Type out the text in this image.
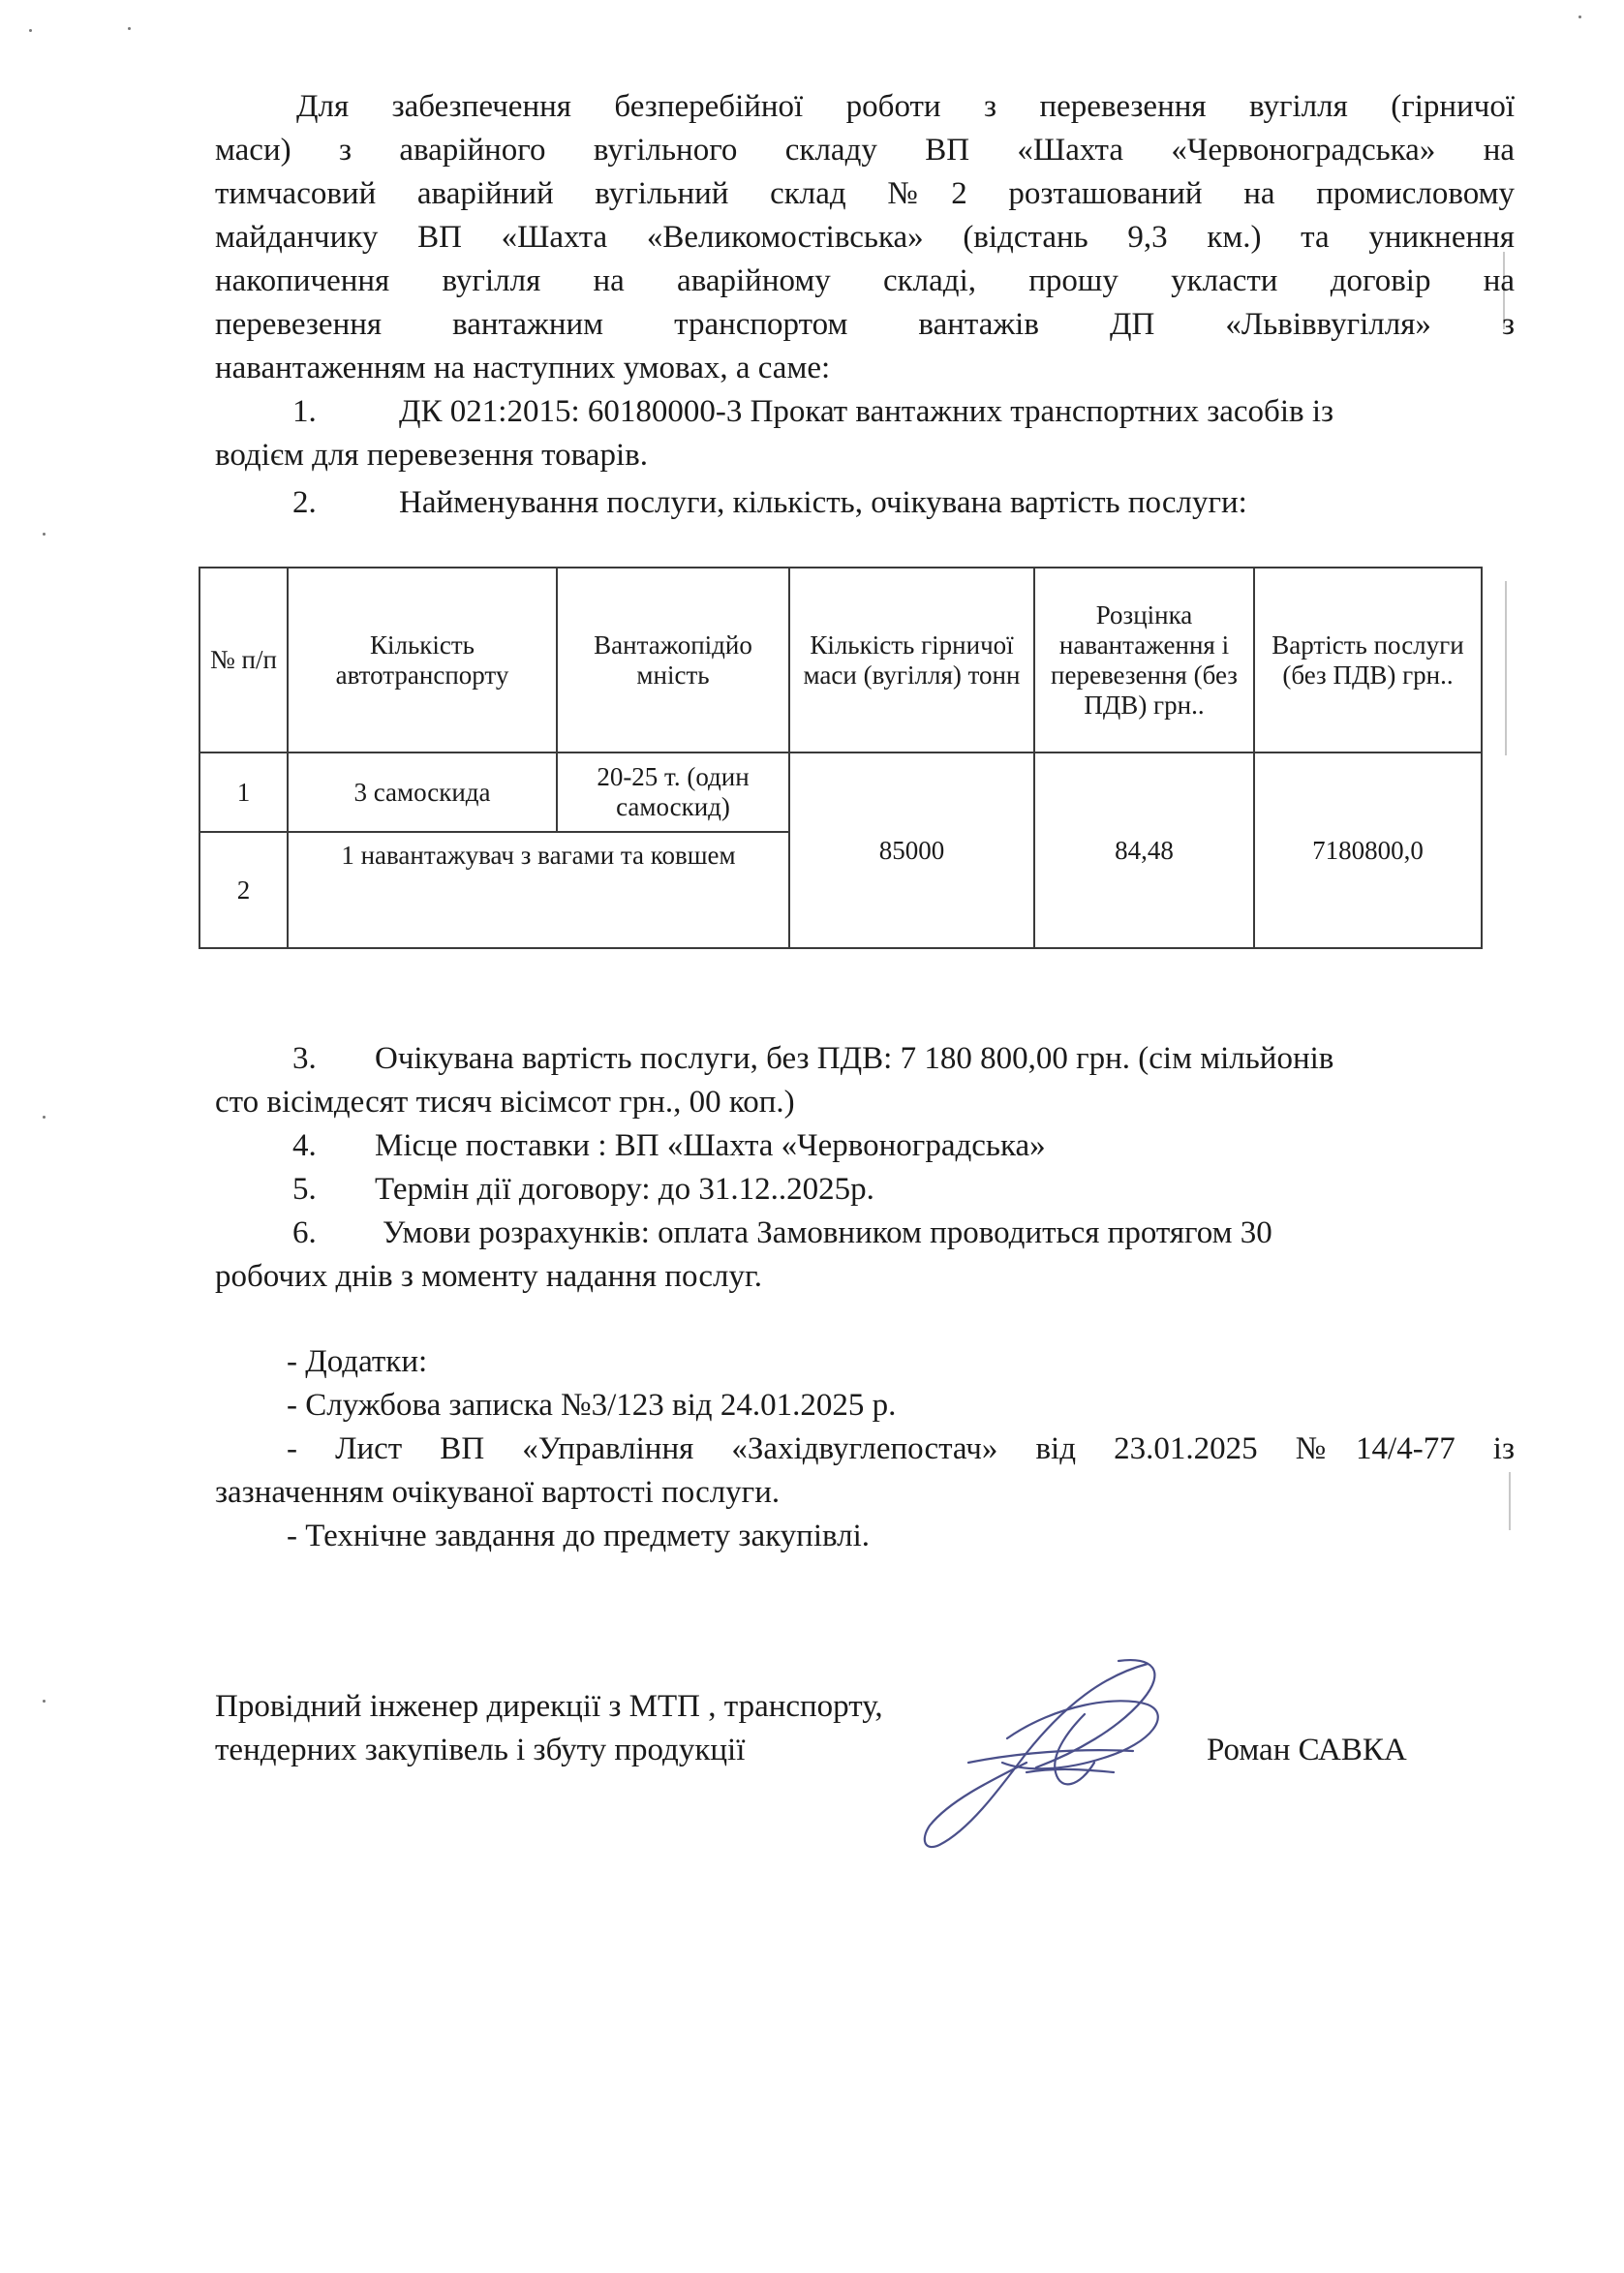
Для забезпечення безперебійної роботи з перевезення вугілля (гірничої
маси) з аварійного вугільного складу ВП «Шахта «Червоноградська» на
тимчасовий аварійний вугільний склад №2 розташований на промисловому
майданчику ВП «Шахта «Великомостівська» (відстань 9,3 км.) та уникнення
накопичення вугілля на аварійному складі, прошу укласти договір на
перевезення вантажним транспортом вантажів ДП «Львіввугілля» з
навантаженням на наступних умовах, а саме:

1.	ДК 021:2015: 60180000-3 Прокат вантажних транспортних засобів із
водієм для перевезення товарів.
2.	Найменування послуги, кількість, очікувана вартість послуги:
№ п/п	Кількість автотранспорту	Вантажопідйо мність	Кількість гірничої маси (вугілля) тонн	Розцінка навантаження і перевезення (без ПДВ) грн..	Вартість послуги (без ПДВ) грн..
1	3 самоскида	20-25 т. (один самоскид)	85000	84,48	7180800,0
2	1 навантажувач з вагами та ковшем				
3. Очікувана вартість послуги, без ПДВ: 7 180 800,00 грн. (сім мільйонів
сто вісімдесят тисяч вісімсот грн., 00 коп.)
4. Місце поставки : ВП «Шахта «Червоноградська»
5. Термін дії договору: до 31.12..2025р.
6. Умови розрахунків: оплата Замовником проводиться протягом 30
робочих днів з моменту надання послуг.
- Додатки:
- Службова записка №3/123 від 24.01.2025 р.
- Лист ВП «Управління «Західвуглепостач» від 23.01.2025 №14/4-77 із
зазначенням очікуваної вартості послуги.
- Технічне завдання до предмету закупівлі.
Провідний інженер дирекції з МТП , транспорту,
тендерних закупівель і збуту продукції	Роман САВКА
